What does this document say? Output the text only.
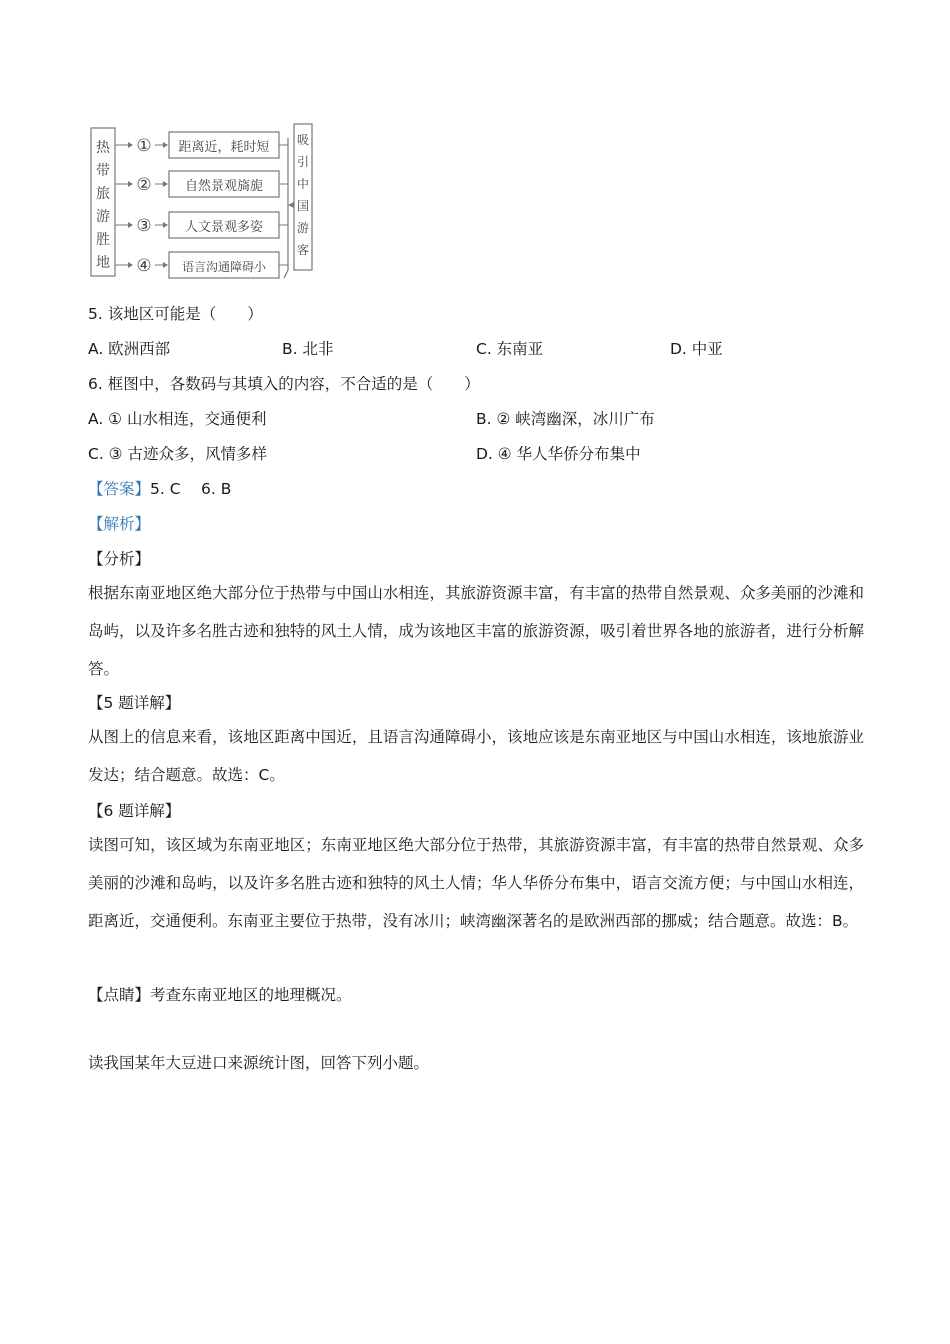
热
带
旅
游
胜
地
① 距离近，耗时短
②	自然景观旖旎
③	人文景观多姿
④	语言沟通障碍小
吸
引
中
国
游
客
5. 该地区可能是（　　）
A. 欧洲西部	B. 北非	C. 东南亚	D. 中亚
6. 框图中，各数码与其填入的内容，不合适的是（　　）
A. ① 山水相连，交通便利	B. ② 峡湾幽深，冰川广布
C. ③ 古迹众多，风情多样	D. ④ 华人华侨分布集中
【答案】5. C　 6. B
【解析】
【分析】
根据东南亚地区绝大部分位于热带与中国山水相连，其旅游资源丰富，有丰富的热带自然景观、众多美丽的沙滩和岛屿，以及许多名胜古迹和独特的风土人情，成为该地区丰富的旅游资源，吸引着世界各地的旅游者，进行分析解答。
【5 题详解】
从图上的信息来看，该地区距离中国近，且语言沟通障碍小，该地应该是东南亚地区与中国山水相连，该地旅游业发达；结合题意。故选：C。
【6 题详解】
读图可知，该区域为东南亚地区；东南亚地区绝大部分位于热带，其旅游资源丰富，有丰富的热带自然景观、众多美丽的沙滩和岛屿，以及许多名胜古迹和独特的风土人情；华人华侨分布集中，语言交流方便；与中国山水相连，距离近，交通便利。东南亚主要位于热带，没有冰川；峡湾幽深著名的是欧洲西部的挪威；结合题意。故选：B。
【点睛】考查东南亚地区的地理概况。
读我国某年大豆进口来源统计图，回答下列小题。
